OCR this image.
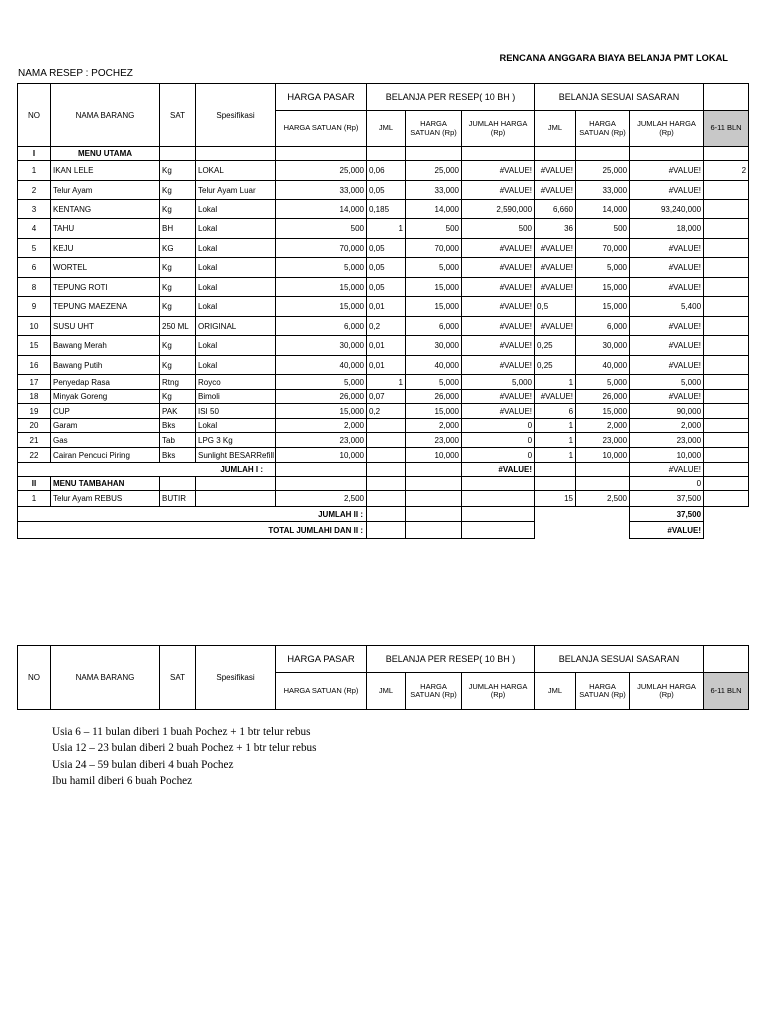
RENCANA ANGGARA BIAYA BELANJA PMT LOKAL
NAMA RESEP : POCHEZ
NO	NAMA BARANG	SAT	Spesifikasi	HARGA PASAR	BELANJA PER RESEP( 10 BH )			BELANJA SESUAI SASARAN			
				HARGA SATUAN (Rp)	JML	HARGA SATUAN (Rp)	JUMLAH HARGA (Rp)	JML	HARGA SATUAN (Rp)	JUMLAH HARGA (Rp)	6-11 BLN
I	MENU UTAMA										
1	IKAN LELE	Kg	LOKAL	25,000	0,06	25,000	#VALUE!	#VALUE!	25,000	#VALUE!	2
2	Telur Ayam	Kg	Telur Ayam Luar	33,000	0,05	33,000	#VALUE!	#VALUE!	33,000	#VALUE!	
3	KENTANG	Kg	Lokal	14,000	0,185	14,000	2,590,000	6,660	14,000	93,240,000	
4	TAHU	BH	Lokal	500	1	500	500	36	500	18,000	
5	KEJU	KG	Lokal	70,000	0,05	70,000	#VALUE!	#VALUE!	70,000	#VALUE!	
6	WORTEL	Kg	Lokal	5,000	0,05	5,000	#VALUE!	#VALUE!	5,000	#VALUE!	
8	TEPUNG ROTI	Kg	Lokal	15,000	0,05	15,000	#VALUE!	#VALUE!	15,000	#VALUE!	
9	TEPUNG MAEZENA	Kg	Lokal	15,000	0,01	15,000	#VALUE!	0,5	15,000	5,400	
10	SUSU UHT	250 ML	ORIGINAL	6,000	0,2	6,000	#VALUE!	#VALUE!	6,000	#VALUE!	
15	Bawang Merah	Kg	Lokal	30,000	0,01	30,000	#VALUE!	0,25	30,000	#VALUE!	
16	Bawang Putih	Kg	Lokal	40,000	0,01	40,000	#VALUE!	0,25	40,000	#VALUE!	
17	Penyedap Rasa	Rtng	Royco	5,000	1	5,000	5,000	1	5,000	5,000	
18	Minyak Goreng	Kg	Bimoli	26,000	0,07	26,000	#VALUE!	#VALUE!	26,000	#VALUE!	
19	CUP	PAK	ISI 50	15,000	0,2	15,000	#VALUE!	6	15,000	90,000	
20	Garam	Bks	Lokal	2,000		2,000	0	1	2,000	2,000	
21	Gas	Tab	LPG 3 Kg	23,000		23,000	0	1	23,000	23,000	
22	Cairan Pencuci Piring	Bks	Sunlight BESARRefill	10,000		10,000	0	1	10,000	10,000	
JUMLAH I :							#VALUE!			#VALUE!	
II	MENU TAMBAHAN									0	
1	Telur Ayam REBUS	BUTIR		2,500				15	2,500	37,500	
JUMLAH II :										37,500	
TOTAL JUMLAHI DAN II :										#VALUE!	
NO	NAMA BARANG	SAT	Spesifikasi	HARGA PASAR	BELANJA PER RESEP( 10 BH )			BELANJA SESUAI SASARAN			
				HARGA SATUAN (Rp)	JML	HARGA SATUAN (Rp)	JUMLAH HARGA (Rp)	JML	HARGA SATUAN (Rp)	JUMLAH HARGA (Rp)	6-11 BLN
Usia 6 – 11 bulan diberi 1 buah Pochez + 1 btr telur rebus
Usia 12 – 23 bulan diberi 2 buah Pochez + 1 btr telur rebus
Usia 24 – 59 bulan diberi 4 buah Pochez
Ibu hamil diberi 6 buah Pochez
